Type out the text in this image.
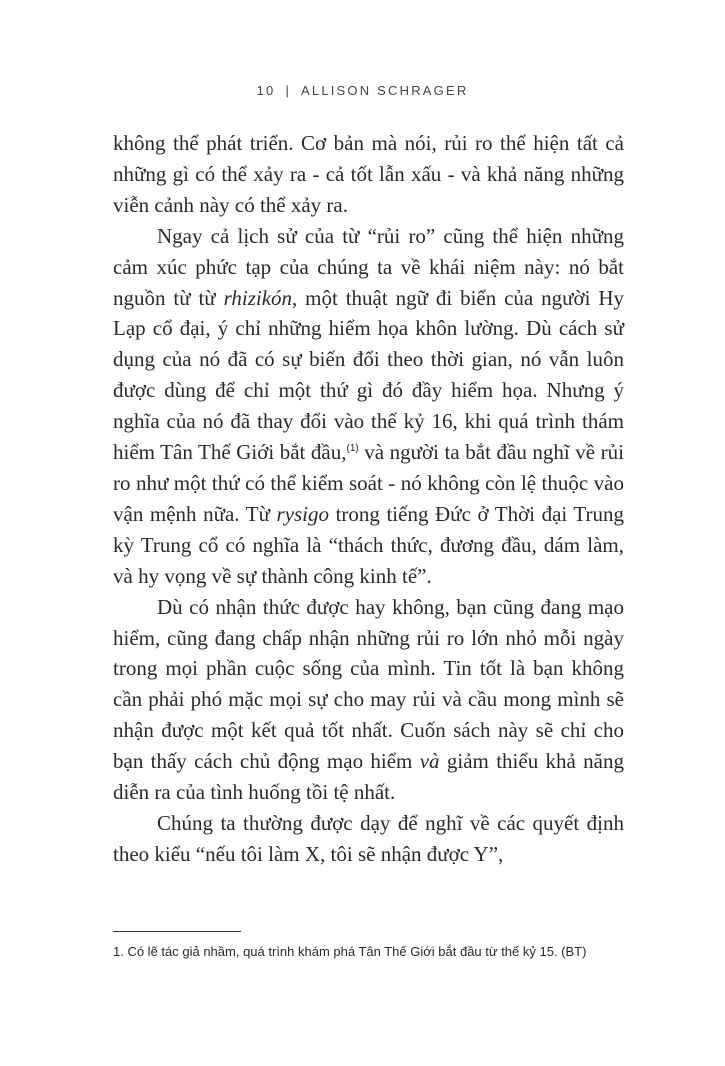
10 | ALLISON SCHRAGER

không thể phát triển. Cơ bản mà nói, rủi ro thể hiện tất cả những gì có thể xảy ra - cả tốt lẫn xấu - và khả năng những viễn cảnh này có thể xảy ra.

Ngay cả lịch sử của từ “rủi ro” cũng thể hiện những cảm xúc phức tạp của chúng ta về khái niệm này: nó bắt nguồn từ từ rhizikón, một thuật ngữ đi biển của người Hy Lạp cổ đại, ý chỉ những hiểm họa khôn lường. Dù cách sử dụng của nó đã có sự biến đổi theo thời gian, nó vẫn luôn được dùng để chỉ một thứ gì đó đầy hiểm họa. Nhưng ý nghĩa của nó đã thay đổi vào thế kỷ 16, khi quá trình thám hiểm Tân Thế Giới bắt đầu,$^{(1)}$ và người ta bắt đầu nghĩ về rủi ro như một thứ có thể kiểm soát - nó không còn lệ thuộc vào vận mệnh nữa. Từ rysigo trong tiếng Đức ở Thời đại Trung kỳ Trung cổ có nghĩa là “thách thức, đương đầu, dám làm, và hy vọng về sự thành công kinh tế”.

Dù có nhận thức được hay không, bạn cũng đang mạo hiểm, cũng đang chấp nhận những rủi ro lớn nhỏ mỗi ngày trong mọi phần cuộc sống của mình. Tin tốt là bạn không cần phải phó mặc mọi sự cho may rủi và cầu mong mình sẽ nhận được một kết quả tốt nhất. Cuốn sách này sẽ chỉ cho bạn thấy cách chủ động mạo hiểm và giảm thiểu khả năng diễn ra của tình huống tồi tệ nhất.

Chúng ta thường được dạy để nghĩ về các quyết định theo kiểu “nếu tôi làm X, tôi sẽ nhận được Y”,

1. Có lẽ tác giả nhầm, quá trình khám phá Tân Thế Giới bắt đầu từ thế kỷ 15. (BT)
